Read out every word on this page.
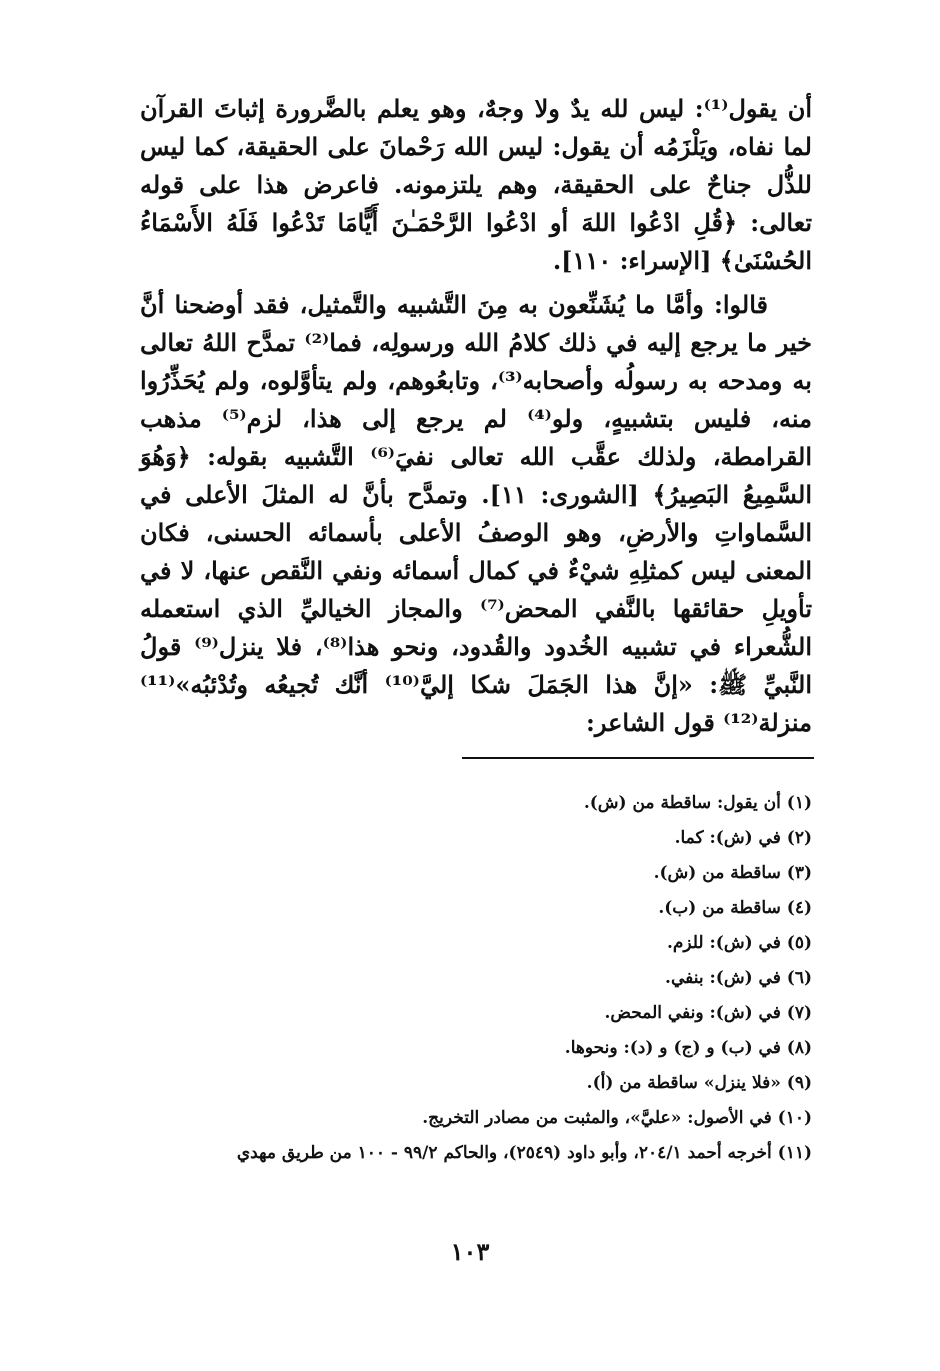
أن يقول⁽¹⁾: ليس لله يدٌ ولا وجهٌ، وهو يعلم بالضَّرورة إثباتَ القرآن لما نفاه، ويَلْزَمُه أن يقول: ليس الله رَحْمانَ على الحقيقة، كما ليس للذُّل جناحٌ على الحقيقة، وهم يلتزمونه. فاعرض هذا على قوله تعالى: ﴿قُلِ ادْعُوا اللهَ أو ادْعُوا الرَّحْمَـٰنَ أَيًّامَا تَدْعُوا فَلَهُ الأَسْمَاءُ الحُسْنَىٰ﴾ [الإسراء: ١١٠].

قالوا: وأمَّا ما يُشَنِّعون به مِنَ التَّشبيه والتَّمثيل، فقد أوضحنا أنَّ خير ما يرجع إليه في ذلك كلامُ الله ورسولِه، فما⁽²⁾ تمدَّح اللهُ تعالى به ومدحه به رسولُه وأصحابه⁽³⁾، وتابعُوهم، ولم يتأوَّلوه، ولم يُحَذِّرُوا منه، فليس بتشبيهٍ، ولو⁽⁴⁾ لم يرجع إلى هذا، لزم⁽⁵⁾ مذهب القرامطة، ولذلك عقَّب الله تعالى نفيَ⁽⁶⁾ التَّشبيه بقوله: ﴿وَهُوَ السَّمِيعُ البَصِيرُ﴾ [الشورى: ١١]. وتمدَّح بأنَّ له المثلَ الأعلى في السَّماواتِ والأرضِ، وهو الوصفُ الأعلى بأسمائه الحسنى، فكان المعنى ليس كمثلِهِ شيْءٌ في كمال أسمائه ونفي النَّقص عنها، لا في تأويلِ حقائقها بالنَّفي المحض⁽⁷⁾ والمجاز الخياليِّ الذي استعمله الشُّعراء في تشبيه الخُدود والقُدود، ونحو هذا⁽⁸⁾، فلا ينزل⁽⁹⁾ قولُ النَّبيِّ ﷺ: «إنَّ هذا الجَمَلَ شكا إليَّ⁽¹⁰⁾ أنَّك تُجيعُه وتُدْئبُه»⁽¹¹⁾ منزلة⁽¹²⁾ قول الشاعر:

(١) أن يقول: ساقطة من (ش).
(٢) في (ش): كما.
(٣) ساقطة من (ش).
(٤) ساقطة من (ب).
(٥) في (ش): للزم.
(٦) في (ش): بنفي.
(٧) في (ش): ونفي المحض.
(٨) في (ب) و (ج) و (د): ونحوها.
(٩) «فلا ينزل» ساقطة من (أ).
(١٠) في الأصول: «عليَّ»، والمثبت من مصادر التخريج.
(١١) أخرجه أحمد ٢٠٤/١، وأبو داود (٢٥٤٩)، والحاكم ٩٩/٢ - ١٠٠ من طريق مهدي
١٠٣
